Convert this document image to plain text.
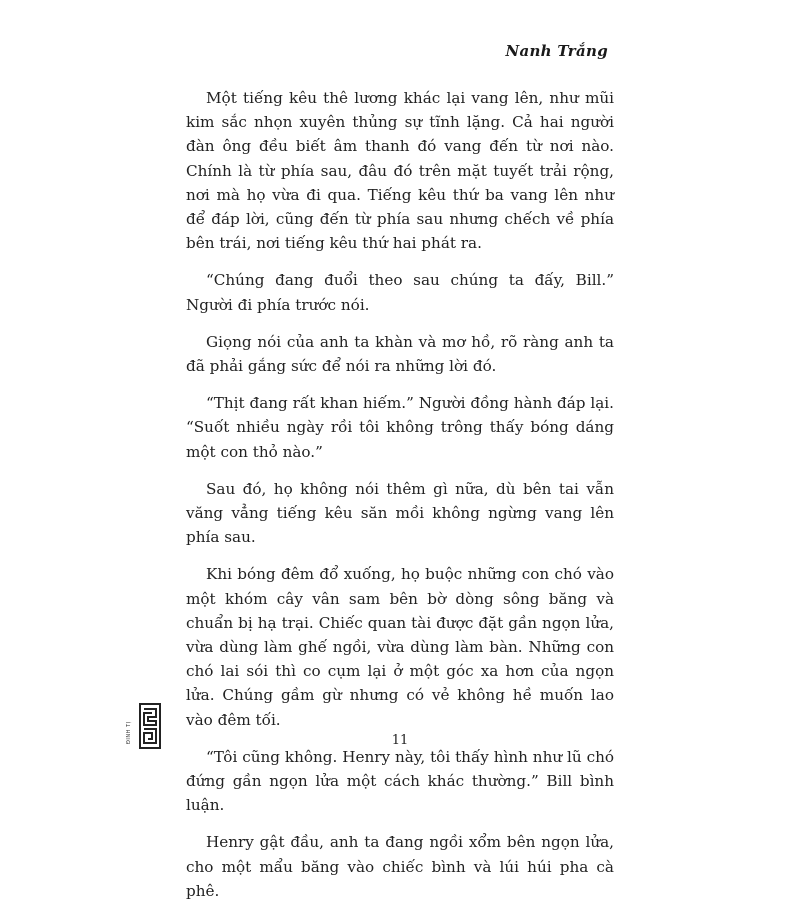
Nanh Trắng

Một tiếng kêu thê lương khác lại vang lên, như mũi kim sắc nhọn xuyên thủng sự tĩnh lặng. Cả hai người đàn ông đều biết âm thanh đó vang đến từ nơi nào. Chính là từ phía sau, đâu đó trên mặt tuyết trải rộng, nơi mà họ vừa đi qua. Tiếng kêu thứ ba vang lên như để đáp lời, cũng đến từ phía sau nhưng chếch về phía bên trái, nơi tiếng kêu thứ hai phát ra.

“Chúng đang đuổi theo sau chúng ta đấy, Bill.” Người đi phía trước nói.

Giọng nói của anh ta khàn và mơ hồ, rõ ràng anh ta đã phải gắng sức để nói ra những lời đó.

“Thịt đang rất khan hiếm.” Người đồng hành đáp lại. “Suốt nhiều ngày rồi tôi không trông thấy bóng dáng một con thỏ nào.”

Sau đó, họ không nói thêm gì nữa, dù bên tai vẫn văng vẳng tiếng kêu săn mồi không ngừng vang lên phía sau.

Khi bóng đêm đổ xuống, họ buộc những con chó vào một khóm cây vân sam bên bờ dòng sông băng và chuẩn bị hạ trại. Chiếc quan tài được đặt gần ngọn lửa, vừa dùng làm ghế ngồi, vừa dùng làm bàn. Những con chó lai sói thì co cụm lại ở một góc xa hơn của ngọn lửa. Chúng gầm gừ nhưng có vẻ không hề muốn lao vào đêm tối.

“Tôi cũng không. Henry này, tôi thấy hình như lũ chó đứng gần ngọn lửa một cách khác thường.” Bill bình luận.

Henry gật đầu, anh ta đang ngồi xổm bên ngọn lửa, cho một mẩu băng vào chiếc bình và lúi húi pha cà phê.

ĐINH TỊ	11
